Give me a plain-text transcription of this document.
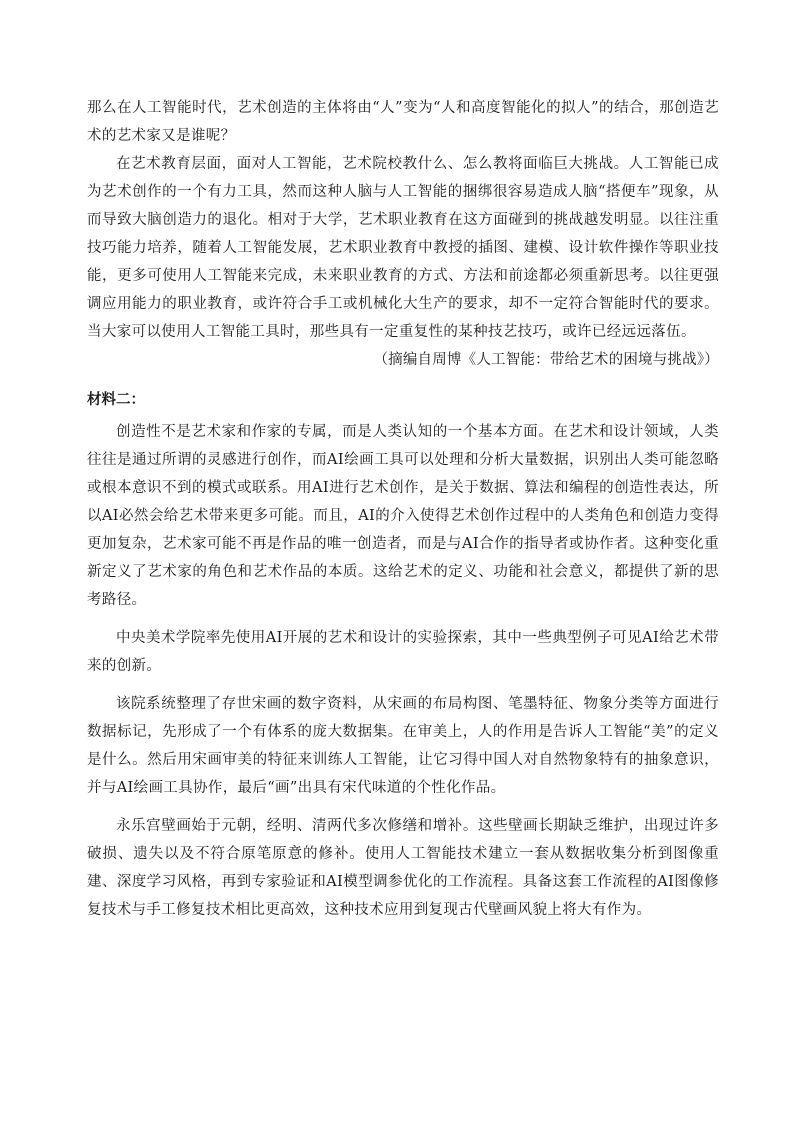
那么在人工智能时代，艺术创造的主体将由“人”变为“人和高度智能化的拟人”的结合，那创造艺术的艺术家又是谁呢？

在艺术教育层面，面对人工智能，艺术院校教什么、怎么教将面临巨大挑战。人工智能已成为艺术创作的一个有力工具，然而这种人脑与人工智能的捆绑很容易造成人脑“搭便车”现象，从而导致大脑创造力的退化。相对于大学，艺术职业教育在这方面碰到的挑战越发明显。以往注重技巧能力培养，随着人工智能发展，艺术职业教育中教授的插图、建模、设计软件操作等职业技能，更多可使用人工智能来完成，未来职业教育的方式、方法和前途都必须重新思考。以往更强调应用能力的职业教育，或许符合手工或机械化大生产的要求，却不一定符合智能时代的要求。当大家可以使用人工智能工具时，那些具有一定重复性的某种技艺技巧，或许已经远远落伍。

（摘编自周博《人工智能：带给艺术的困境与挑战》）

材料二：

创造性不是艺术家和作家的专属，而是人类认知的一个基本方面。在艺术和设计领域，人类往往是通过所谓的灵感进行创作，而AI绘画工具可以处理和分析大量数据，识别出人类可能忽略或根本意识不到的模式或联系。用AI进行艺术创作，是关于数据、算法和编程的创造性表达，所以AI必然会给艺术带来更多可能。而且，AI的介入使得艺术创作过程中的人类角色和创造力变得更加复杂，艺术家可能不再是作品的唯一创造者，而是与AI合作的指导者或协作者。这种变化重新定义了艺术家的角色和艺术作品的本质。这给艺术的定义、功能和社会意义，都提供了新的思考路径。

中央美术学院率先使用AI开展的艺术和设计的实验探索，其中一些典型例子可见AI给艺术带来的创新。

该院系统整理了存世宋画的数字资料，从宋画的布局构图、笔墨特征、物象分类等方面进行数据标记，先形成了一个有体系的庞大数据集。在审美上，人的作用是告诉人工智能“美”的定义是什么。然后用宋画审美的特征来训练人工智能，让它习得中国人对自然物象特有的抽象意识，并与AI绘画工具协作，最后“画”出具有宋代味道的个性化作品。

永乐宫壁画始于元朝，经明、清两代多次修缮和增补。这些壁画长期缺乏维护，出现过许多破损、遗失以及不符合原笔原意的修补。使用人工智能技术建立一套从数据收集分析到图像重建、深度学习风格，再到专家验证和AI模型调参优化的工作流程。具备这套工作流程的AI图像修复技术与手工修复技术相比更高效，这种技术应用到复现古代壁画风貌上将大有作为。
